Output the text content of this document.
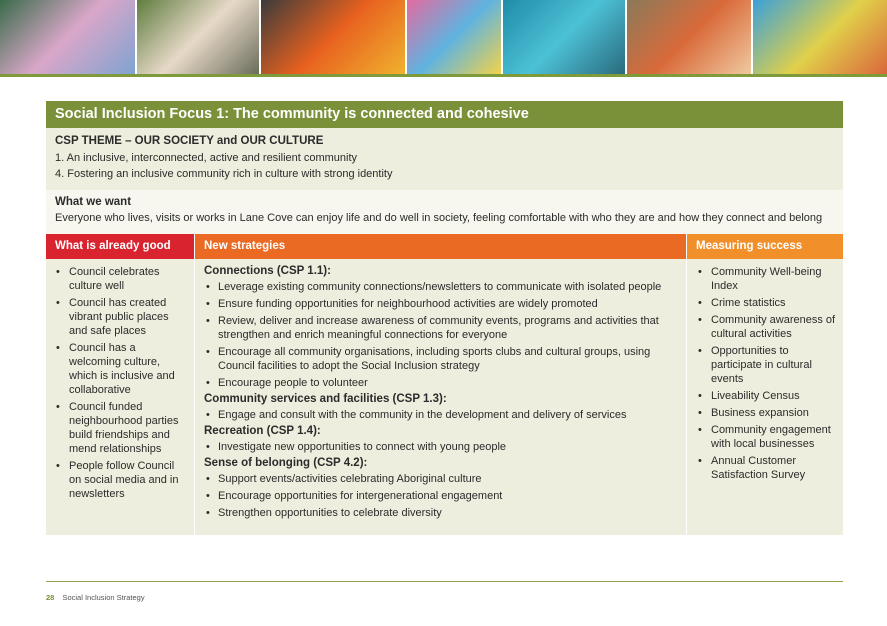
Social Inclusion Focus 1: The community is connected and cohesive
CSP THEME – OUR SOCIETY and OUR CULTURE
1. An inclusive, interconnected, active and resilient community
4. Fostering an inclusive community rich in culture with strong identity
What we want
Everyone who lives, visits or works in Lane Cove can enjoy life and do well in society, feeling comfortable with who they are and how they connect and belong
What is already good
• Council celebrates culture well
• Council has created vibrant public places and safe places
• Council has a welcoming culture, which is inclusive and collaborative
• Council funded neighbourhood parties build friendships and mend relationships
• People follow Council on social media and in newsletters
New strategies
Connections (CSP 1.1):
• Leverage existing community connections/newsletters to communicate with isolated people
• Ensure funding opportunities for neighbourhood activities are widely promoted
• Review, deliver and increase awareness of community events, programs and activities that strengthen and enrich meaningful connections for everyone
• Encourage all community organisations, including sports clubs and cultural groups, using Council facilities to adopt the Social Inclusion strategy
• Encourage people to volunteer
Community services and facilities (CSP 1.3):
• Engage and consult with the community in the development and delivery of services
Recreation (CSP 1.4):
• Investigate new opportunities to connect with young people
Sense of belonging (CSP 4.2):
• Support events/activities celebrating Aboriginal culture
• Encourage opportunities for intergenerational engagement
• Strengthen opportunities to celebrate diversity
Measuring success
• Community Well-being Index
• Crime statistics
• Community awareness of cultural activities
• Opportunities to participate in cultural events
• Liveability Census
• Business expansion
• Community engagement with local businesses
• Annual Customer Satisfaction Survey
28 Social Inclusion Strategy
